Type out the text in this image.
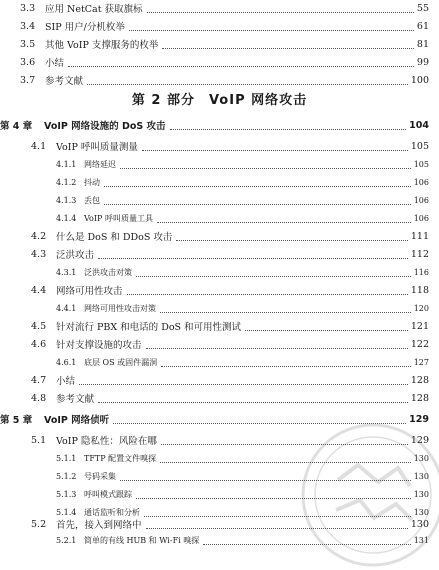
3.3	应用 NetCat 获取旗标	55
3.4	SIP 用户/分机枚举	61
3.5	其他 VoIP 支撑服务的枚举	81
3.6	小结	99
3.7	参考文献	100
第 2 部分　VoIP 网络攻击
第 4 章	VoIP 网络设施的 DoS 攻击	104
4.1	VoIP 呼叫质量测量	105
4.1.1 网络延迟	105
4.1.2 抖动	106
4.1.3 丢包	106
4.1.4 VoIP 呼叫质量工具	106
4.2	什么是 DoS 和 DDoS 攻击	111
4.3	泛洪攻击	112
4.3.1 泛洪攻击对策	116
4.4	网络可用性攻击	118
4.4.1 网络可用性攻击对策	120
4.5	针对流行 PBX 和电话的 DoS 和可用性测试	121
4.6	针对支撑设施的攻击	122
4.6.1 底层 OS 或固件漏洞	127
4.7	小结	128
4.8	参考文献	128
第 5 章	VoIP 网络侦听	129
5.1	VoIP 隐私性：风险在哪	129
5.1.1 TFTP 配置文件嗅探	130
5.1.2 号码采集	130
5.1.3 呼叫模式跟踪	130
5.1.4 通话监听和分析	130
5.2	首先，接入到网络中	130
5.2.1 简单的有线 HUB 和 Wi-Fi 嗅探	131
